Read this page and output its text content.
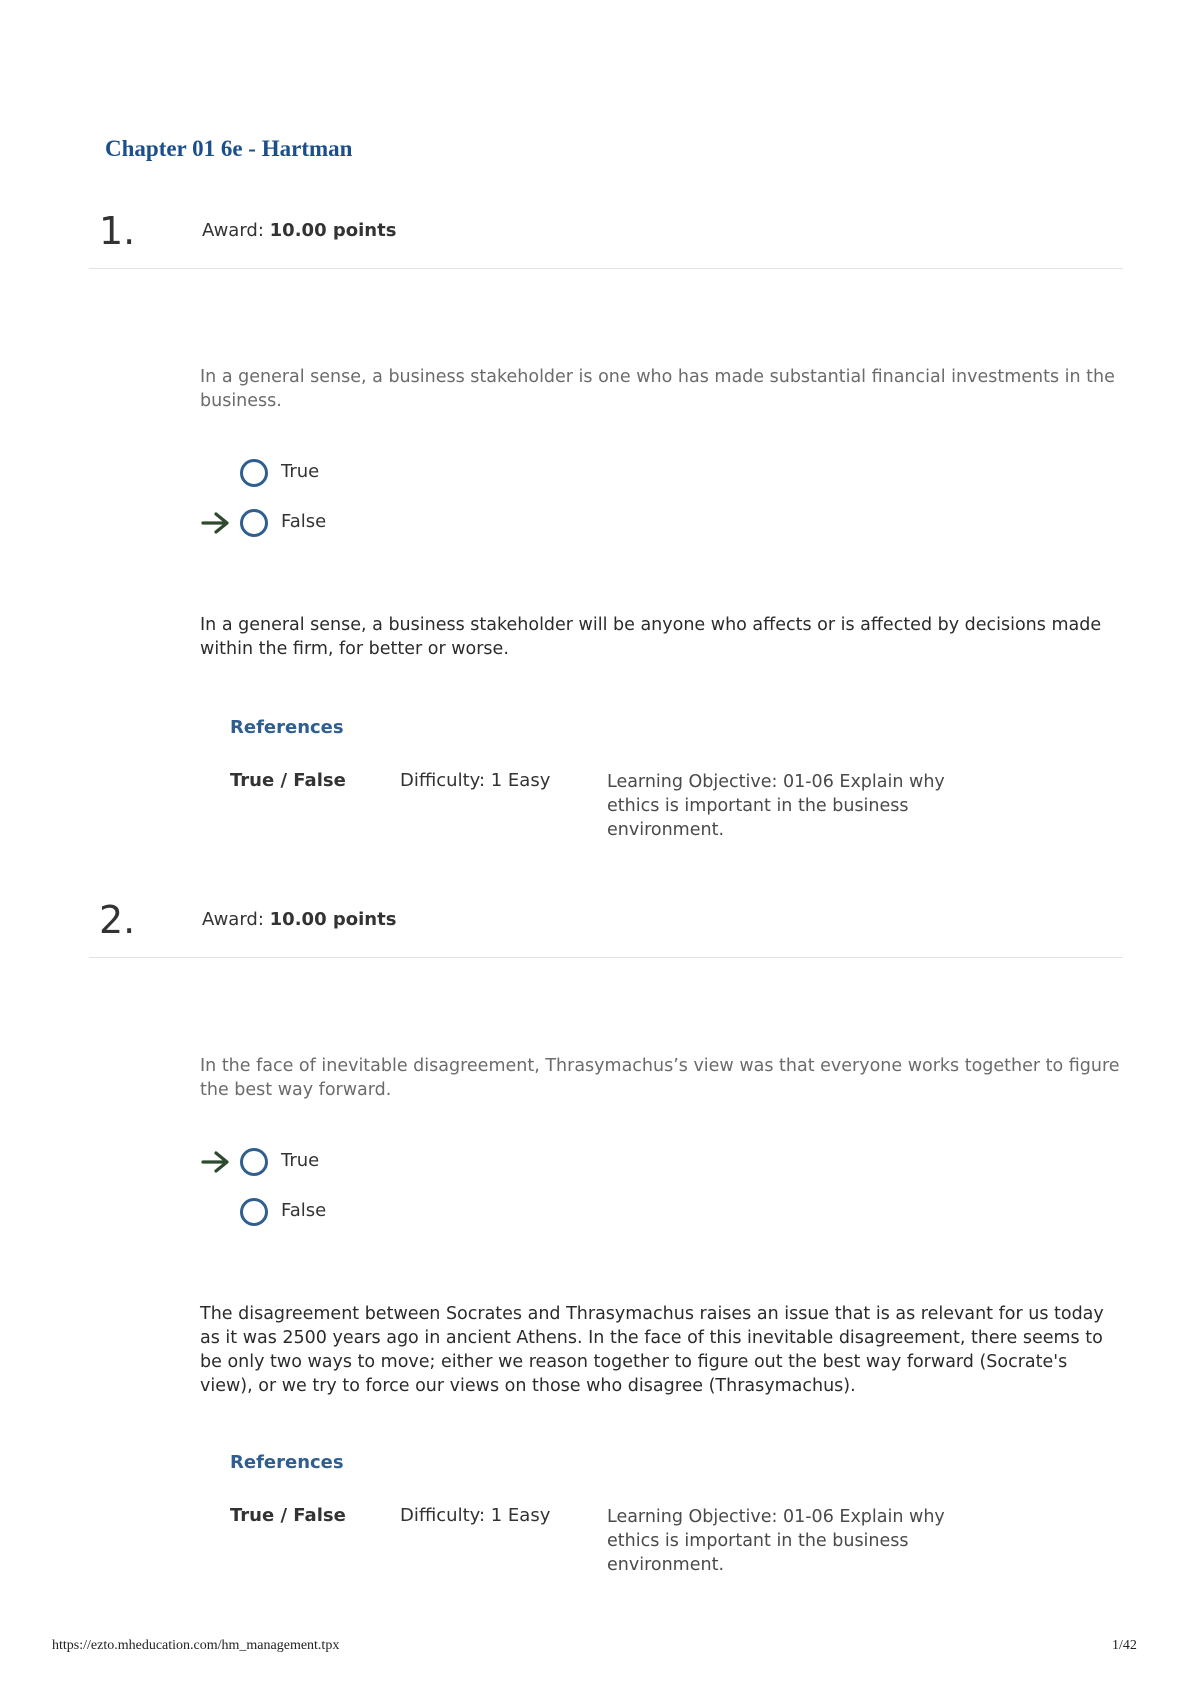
Chapter 01 6e - Hartman
1.	Award: 10.00 points

In a general sense, a business stakeholder is one who has made substantial financial investments in the business.

True
False

In a general sense, a business stakeholder will be anyone who affects or is affected by decisions made within the firm, for better or worse.

References
True / False	Difficulty: 1 Easy	Learning Objective: 01-06 Explain why ethics is important in the business environment.
2.	Award: 10.00 points

In the face of inevitable disagreement, Thrasymachus’s view was that everyone works together to figure the best way forward.

True
False

The disagreement between Socrates and Thrasymachus raises an issue that is as relevant for us today as it was 2500 years ago in ancient Athens. In the face of this inevitable disagreement, there seems to be only two ways to move; either we reason together to figure out the best way forward (Socrate's view), or we try to force our views on those who disagree (Thrasymachus).

References
True / False	Difficulty: 1 Easy	Learning Objective: 01-06 Explain why ethics is important in the business environment.
https://ezto.mheducation.com/hm_management.tpx	1/42
